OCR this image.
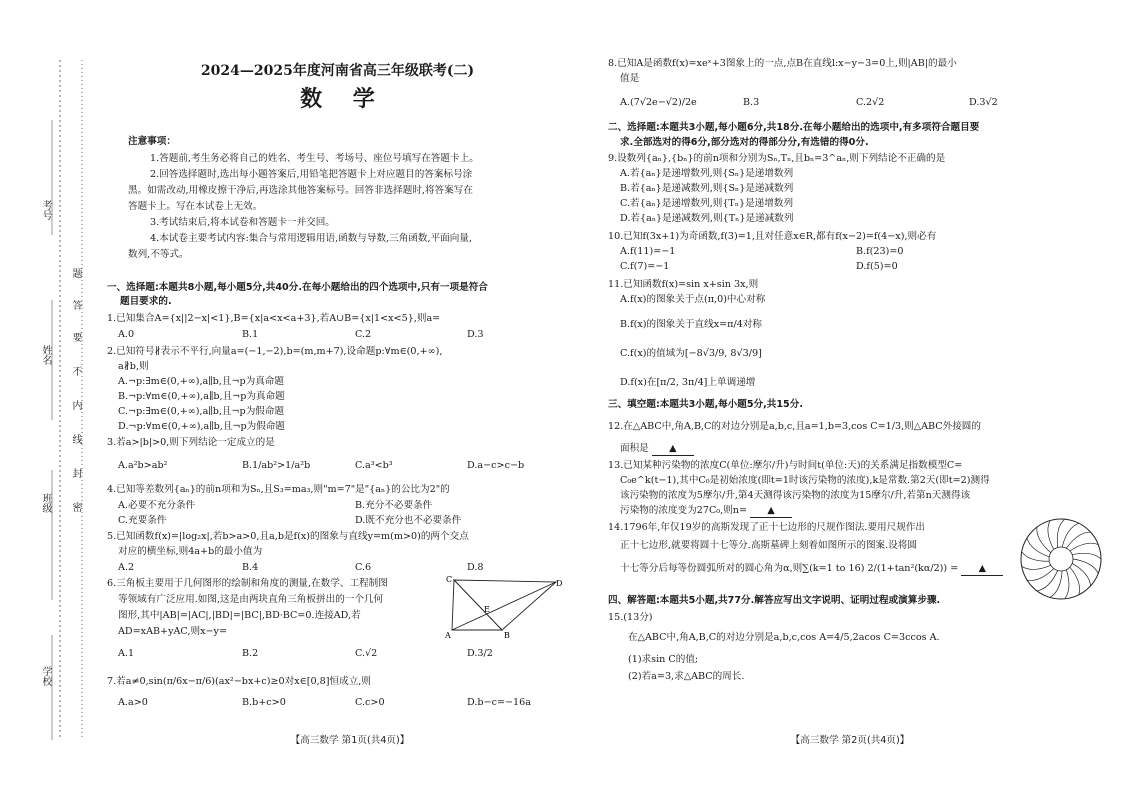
考号
姓名
班级
学校
题
答
要
不
内
线
封
密
2024—2025年度河南省高三年级联考(二)
数    学
注意事项：
1.答题前,考生务必将自己的姓名、考生号、考场号、座位号填写在答题卡上。
2.回答选择题时,选出每小题答案后,用铅笔把答题卡上对应题目的答案标号涂
黑。如需改动,用橡皮擦干净后,再选涂其他答案标号。回答非选择题时,将答案写在
答题卡上。写在本试卷上无效。
3.考试结束后,将本试卷和答题卡一并交回。
4.本试卷主要考试内容:集合与常用逻辑用语,函数与导数,三角函数,平面向量,
数列,不等式。
一、选择题:本题共8小题,每小题5分,共40分.在每小题给出的四个选项中,只有一项是符合
题目要求的.
1.已知集合A={x||2−x|<1},B={x|a<x<a+3},若A∪B={x|1<x<5},则a=
A.0	B.1	C.2	D.3
2.已知符号∦表示不平行,向量a=(−1,−2),b=(m,m+7),设命题p:∀m∈(0,+∞),
a∦b,则
A.¬p:∃m∈(0,+∞),a∥b,且¬p为真命题
B.¬p:∀m∈(0,+∞),a∥b,且¬p为真命题
C.¬p:∃m∈(0,+∞),a∥b,且¬p为假命题
D.¬p:∀m∈(0,+∞),a∥b,且¬p为假命题
3.若a>|b|>0,则下列结论一定成立的是
A.a²b>ab²	B.1/ab²>1/a²b	C.a³<b³	D.a−c>c−b
4.已知等差数列{aₙ}的前n项和为Sₙ,且S₃=ma₃,则"m=7"是"{aₙ}的公比为2"的
A.必要不充分条件	B.充分不必要条件
C.充要条件	D.既不充分也不必要条件
5.已知函数f(x)=|log₂x|,若b>a>0,且a,b是f(x)的图象与直线y=m(m>0)的两个交点
对应的横坐标,则4a+b的最小值为
A.2	B.4	C.6	D.8
6.三角板主要用于几何图形的绘制和角度的测量,在数学、工程制图
等领域有广泛应用.如图,这是由两块直角三角板拼出的一个几何
图形,其中|AB|=|AC|,|BD|=|BC|,BD·BC=0.连接AD,若
AD=xAB+yAC,则x−y=
C	D
E
A	B
A.1	B.2	C.√2	D.3/2
7.若a≠0,sin(π/6x−π/6)(ax²−bx+c)≥0对x∈[0,8]恒成立,则
A.a>0	B.b+c>0	C.c>0	D.b−c=−16a
【高三数学 第1页(共4页)】
8.已知A是函数f(x)=xeˣ+3图象上的一点,点B在直线l:x−y−3=0上,则|AB|的最小
值是
A.(7√2e−√2)/2e	B.3	C.2√2	D.3√2
二、选择题:本题共3小题,每小题6分,共18分.在每小题给出的选项中,有多项符合题目要
求.全部选对的得6分,部分选对的得部分分,有选错的得0分.
9.设数列{aₙ},{bₙ}的前n项和分别为Sₙ,Tₙ,且bₙ=3^aₙ,则下列结论不正确的是
A.若{aₙ}是递增数列,则{Sₙ}是递增数列
B.若{aₙ}是递减数列,则{Sₙ}是递减数列
C.若{aₙ}是递增数列,则{Tₙ}是递增数列
D.若{aₙ}是递减数列,则{Tₙ}是递减数列
10.已知f(3x+1)为奇函数,f(3)=1,且对任意x∈R,都有f(x−2)=f(4−x),则必有
A.f(11)=−1	B.f(23)=0
C.f(7)=−1	D.f(5)=0
11.已知函数f(x)=sin x+sin 3x,则
A.f(x)的图象关于点(π,0)中心对称
B.f(x)的图象关于直线x=π/4对称
C.f(x)的值域为[−8√3/9, 8√3/9]
D.f(x)在[π/2, 3π/4]上单调递增
三、填空题:本题共3小题,每小题5分,共15分.
12.在△ABC中,角A,B,C的对边分别是a,b,c,且a=1,b=3,cos C=1/3,则△ABC外接圆的
面积是 ▲
13.已知某种污染物的浓度C(单位:摩尔/升)与时间t(单位:天)的关系满足指数模型C=
C₀e^k(t−1),其中C₀是初始浓度(即t=1时该污染物的浓度),k是常数.第2天(即t=2)测得
该污染物的浓度为5摩尔/升,第4天测得该污染物的浓度为15摩尔/升,若第n天测得该
污染物的浓度变为27C₀,则n= ▲
14.1796年,年仅19岁的高斯发现了正十七边形的尺规作图法.要用尺规作出
正十七边形,就要将圆十七等分.高斯墓碑上刻着如图所示的图案.设将圆
十七等分后每等份圆弧所对的圆心角为α,则∑(k=1 to 16) 2/(1+tan²(kα/2)) = ▲
四、解答题:本题共5小题,共77分.解答应写出文字说明、证明过程或演算步骤.
15.(13分)
在△ABC中,角A,B,C的对边分别是a,b,c,cos A=4/5,2acos C=3ccos A.
(1)求sin C的值;
(2)若a=3,求△ABC的周长.
【高三数学 第2页(共4页)】
